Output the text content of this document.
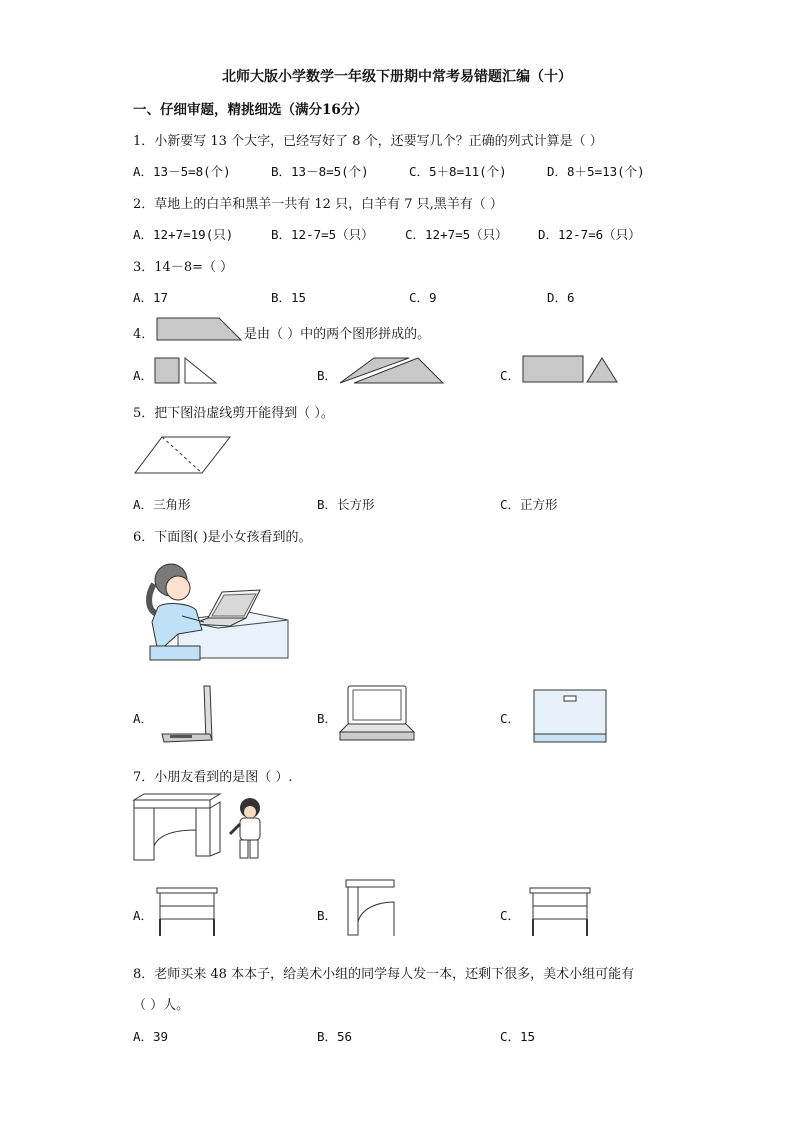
北师大版小学数学一年级下册期中常考易错题汇编（十）
一、仔细审题，精挑细选（满分16分）
1．小新要写 13 个大字，已经写好了 8 个，还要写几个？正确的列式计算是（ ）
A．13－5=8(个)	B．13－8=5(个)	C．5＋8=11(个)	D．8＋5=13(个)
2．草地上的白羊和黑羊一共有 12 只，白羊有 7 只,黑羊有（ ）
A．12+7=19(只)	B．12-7=5（只）	C．12+7=5（只） D．12-7=6（只）
3．14－8=（ ）
A．17	B．15	C．9	D．6
4．	是由（ ）中的两个图形拼成的。
A．	B．	C．
5．把下图沿虚线剪开能得到（ ）。
A．三角形	B．长方形	C．正方形
6．下面图( )是小女孩看到的。
A．	B．	C．
7．小朋友看到的是图（ ）.
A．	B．	C．
8．老师买来 48 本本子，给美术小组的同学每人发一本，还剩下很多，美术小组可能有
（ ）人。
A．39	B．56	C．15
